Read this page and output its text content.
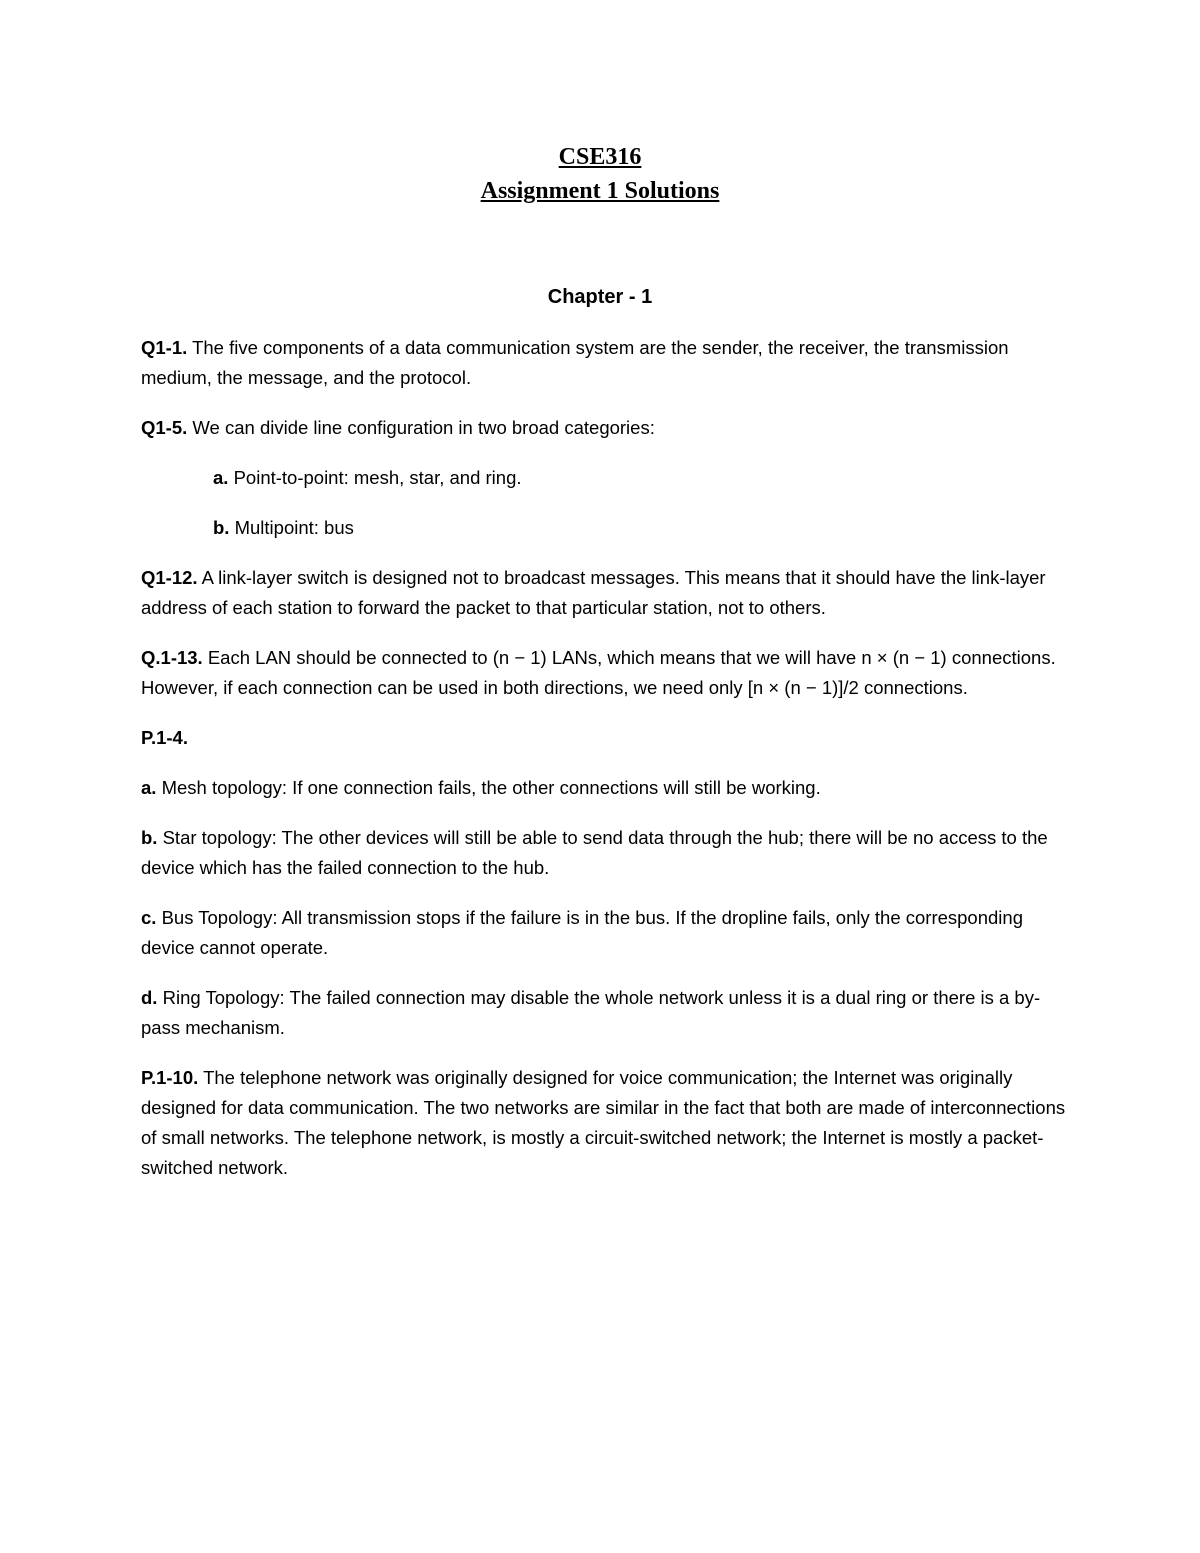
CSE316
Assignment 1 Solutions
Chapter - 1

Q1-1. The five components of a data communication system are the sender, the receiver, the transmission medium, the message, and the protocol.

Q1-5. We can divide line configuration in two broad categories:

a. Point-to-point: mesh, star, and ring.

b. Multipoint: bus

Q1-12. A link-layer switch is designed not to broadcast messages. This means that it should have the link-layer address of each station to forward the packet to that particular station, not to others.

Q.1-13. Each LAN should be connected to (n − 1) LANs, which means that we will have n × (n − 1) connections. However, if each connection can be used in both directions, we need only [n × (n − 1)]/2 connections.

P.1-4.

a. Mesh topology: If one connection fails, the other connections will still be working.

b. Star topology: The other devices will still be able to send data through the hub; there will be no access to the device which has the failed connection to the hub.

c. Bus Topology: All transmission stops if the failure is in the bus. If the dropline fails, only the corresponding device cannot operate.

d. Ring Topology: The failed connection may disable the whole network unless it is a dual ring or there is a by-pass mechanism.

P.1-10. The telephone network was originally designed for voice communication; the Internet was originally designed for data communication. The two networks are similar in the fact that both are made of interconnections of small networks. The telephone network, is mostly a circuit-switched network; the Internet is mostly a packet-switched network.
